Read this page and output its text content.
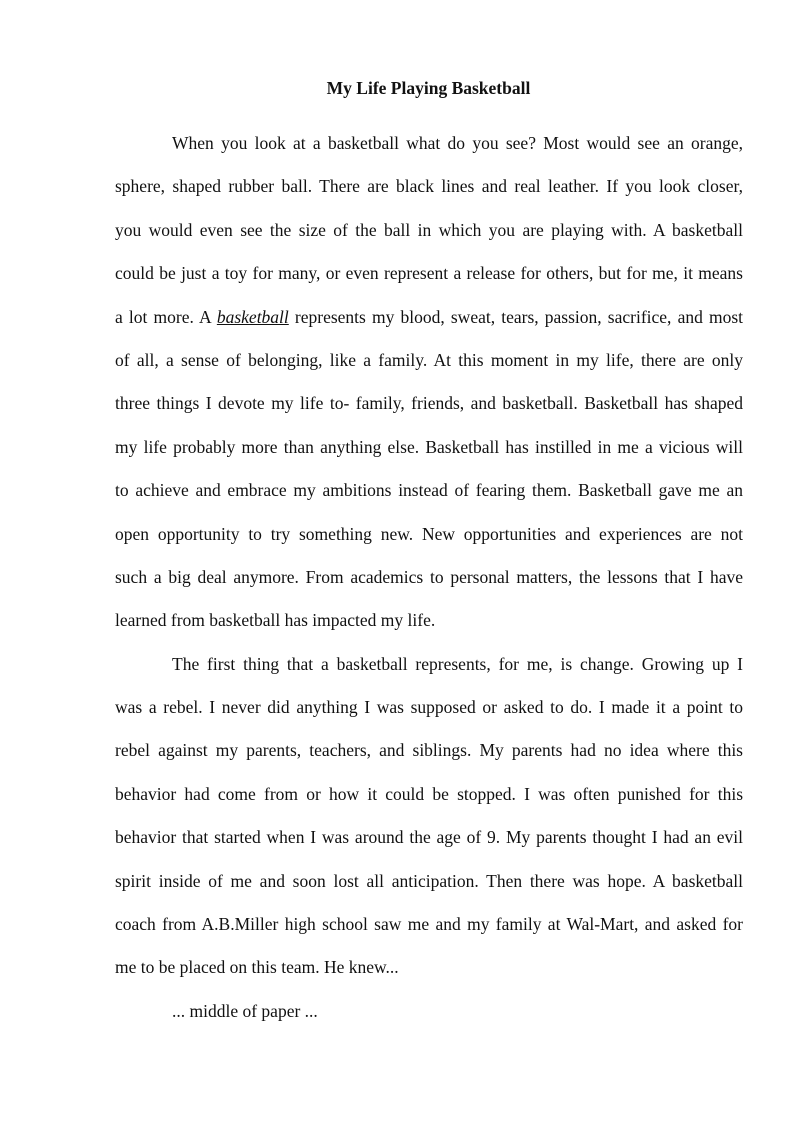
My Life Playing Basketball
When you look at a basketball what do you see? Most would see an orange,
sphere, shaped rubber ball. There are black lines and real leather. If you look closer,
you would even see the size of the ball in which you are playing with. A basketball
could be just a toy for many, or even represent a release for others, but for me, it means
a lot more. A basketball represents my blood, sweat, tears, passion, sacrifice, and most
of all, a sense of belonging, like a family. At this moment in my life, there are only
three things I devote my life to- family, friends, and basketball. Basketball has shaped
my life probably more than anything else. Basketball has instilled in me a vicious will
to achieve and embrace my ambitions instead of fearing them. Basketball gave me an
open opportunity to try something new. New opportunities and experiences are not
such a big deal anymore. From academics to personal matters, the lessons that I have
learned from basketball has impacted my life.
The first thing that a basketball represents, for me, is change. Growing up I
was a rebel. I never did anything I was supposed or asked to do. I made it a point to
rebel against my parents, teachers, and siblings. My parents had no idea where this
behavior had come from or how it could be stopped. I was often punished for this
behavior that started when I was around the age of 9. My parents thought I had an evil
spirit inside of me and soon lost all anticipation. Then there was hope. A basketball
coach from A.B.Miller high school saw me and my family at Wal-Mart, and asked for
me to be placed on this team. He knew...
... middle of paper ...
